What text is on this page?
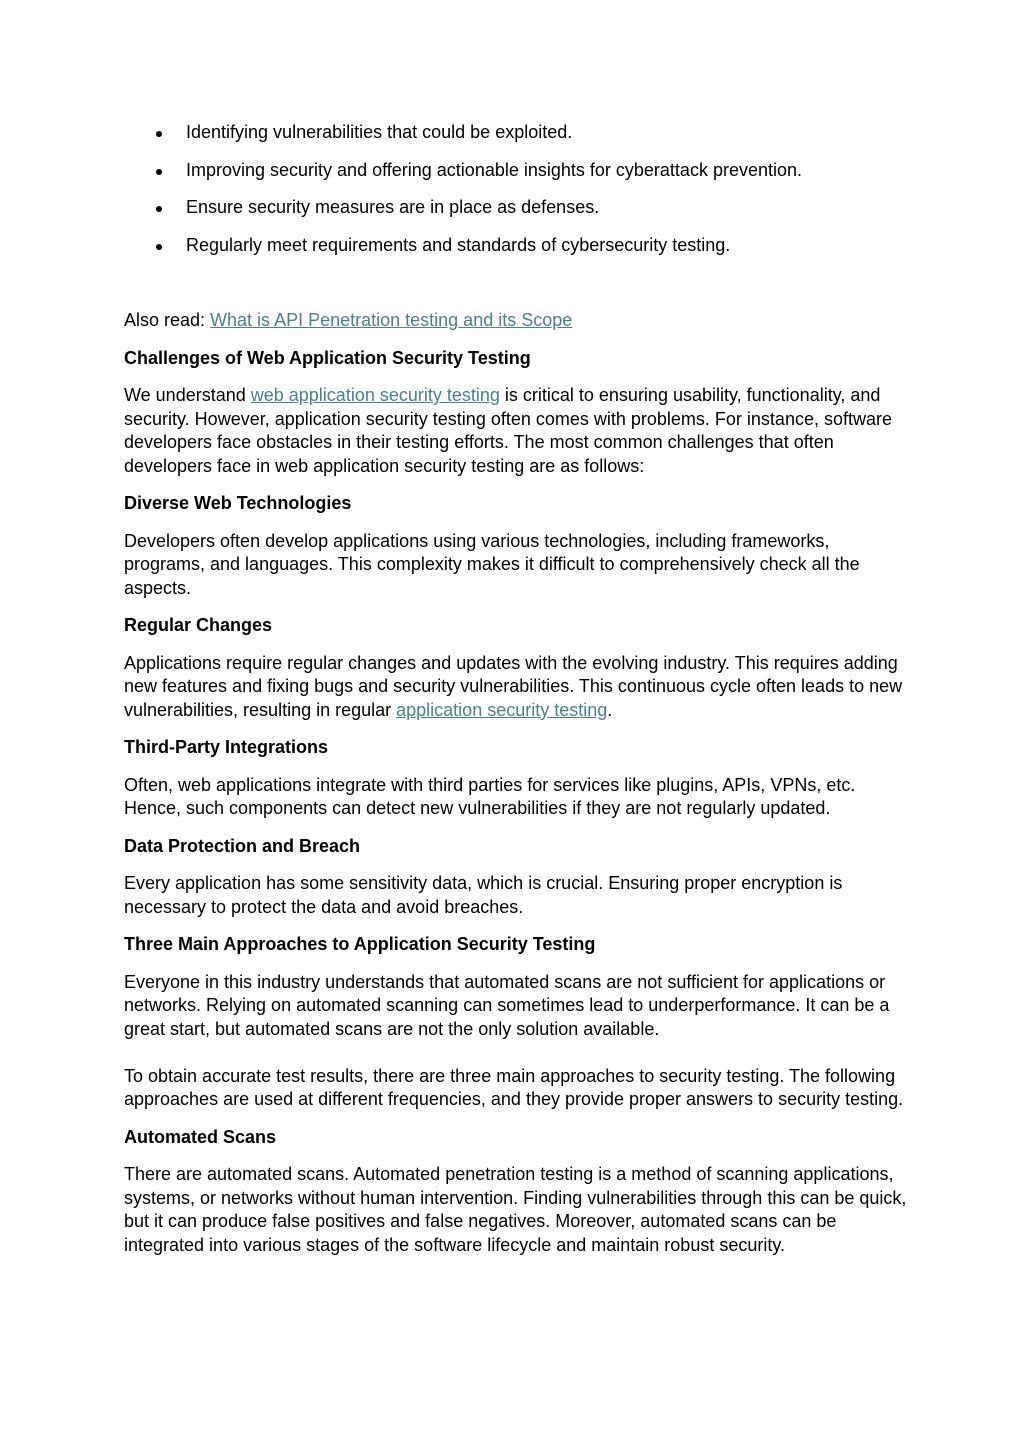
Identifying vulnerabilities that could be exploited.
Improving security and offering actionable insights for cyberattack prevention.
Ensure security measures are in place as defenses.
Regularly meet requirements and standards of cybersecurity testing.

Also read: What is API Penetration testing and its Scope

Challenges of Web Application Security Testing

We understand web application security testing is critical to ensuring usability, functionality, and security. However, application security testing often comes with problems. For instance, software developers face obstacles in their testing efforts. The most common challenges that often developers face in web application security testing are as follows:

Diverse Web Technologies

Developers often develop applications using various technologies, including frameworks, programs, and languages. This complexity makes it difficult to comprehensively check all the aspects.

Regular Changes

Applications require regular changes and updates with the evolving industry. This requires adding new features and fixing bugs and security vulnerabilities. This continuous cycle often leads to new vulnerabilities, resulting in regular application security testing.

Third-Party Integrations

Often, web applications integrate with third parties for services like plugins, APIs, VPNs, etc. Hence, such components can detect new vulnerabilities if they are not regularly updated.

Data Protection and Breach

Every application has some sensitivity data, which is crucial. Ensuring proper encryption is necessary to protect the data and avoid breaches.

Three Main Approaches to Application Security Testing

Everyone in this industry understands that automated scans are not sufficient for applications or networks. Relying on automated scanning can sometimes lead to underperformance. It can be a great start, but automated scans are not the only solution available.

To obtain accurate test results, there are three main approaches to security testing. The following approaches are used at different frequencies, and they provide proper answers to security testing.

Automated Scans

There are automated scans. Automated penetration testing is a method of scanning applications, systems, or networks without human intervention. Finding vulnerabilities through this can be quick, but it can produce false positives and false negatives. Moreover, automated scans can be integrated into various stages of the software lifecycle and maintain robust security.
